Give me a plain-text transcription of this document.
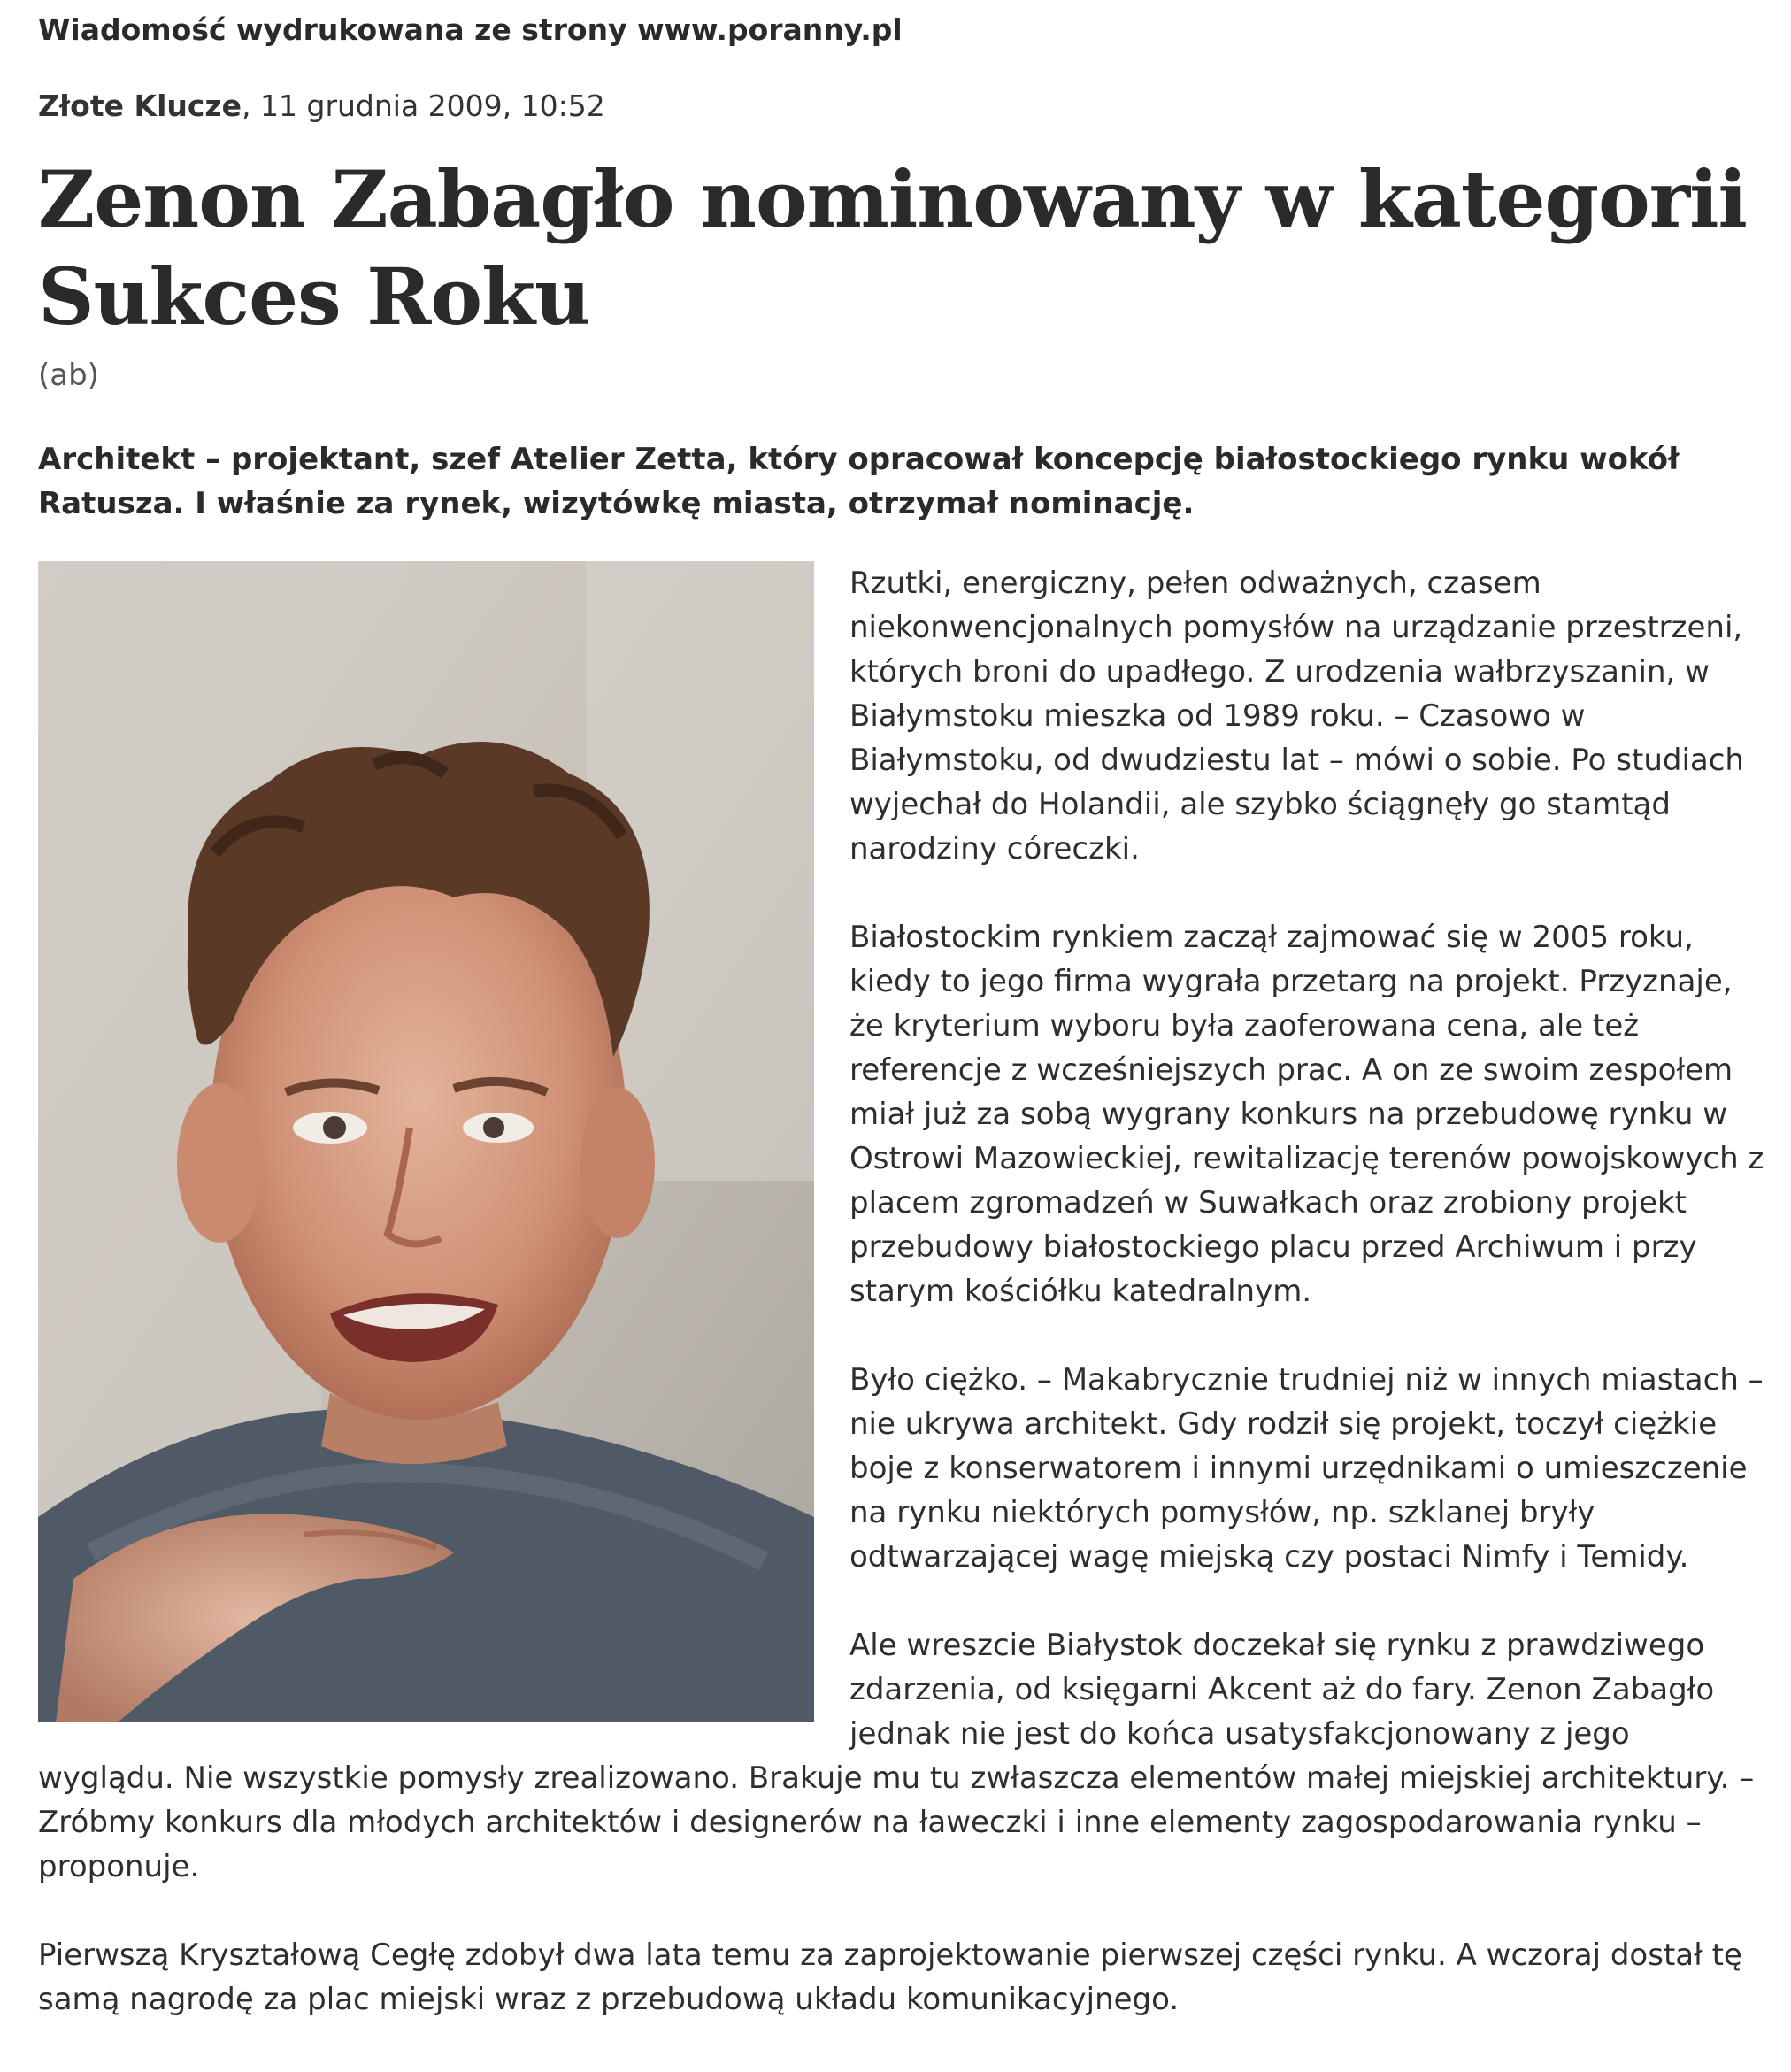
Wiadomość wydrukowana ze strony www.poranny.pl

Złote Klucze, 11 grudnia 2009, 10:52

Zenon Zabagło nominowany w kategorii Sukces Roku

(ab)

Architekt – projektant, szef Atelier Zetta, który opracował koncepcję białostockiego rynku wokół Ratusza. I właśnie za rynek, wizytówkę miasta, otrzymał nominację.

Rzutki, energiczny, pełen odważnych, czasem niekonwencjonalnych pomysłów na urządzanie przestrzeni, których broni do upadłego. Z urodzenia wałbrzyszanin, w Białymstoku mieszka od 1989 roku. – Czasowo w Białymstoku, od dwudziestu lat – mówi o sobie. Po studiach wyjechał do Holandii, ale szybko ściągnęły go stamtąd narodziny córeczki.

Białostockim rynkiem zaczął zajmować się w 2005 roku, kiedy to jego firma wygrała przetarg na projekt. Przyznaje, że kryterium wyboru była zaoferowana cena, ale też referencje z wcześniejszych prac. A on ze swoim zespołem miał już za sobą wygrany konkurs na przebudowę rynku w Ostrowi Mazowieckiej, rewitalizację terenów powojskowych z placem zgromadzeń w Suwałkach oraz zrobiony projekt przebudowy białostockiego placu przed Archiwum i przy starym kościółku katedralnym.

Było ciężko. – Makabrycznie trudniej niż w innych miastach – nie ukrywa architekt. Gdy rodził się projekt, toczył ciężkie boje z konserwatorem i innymi urzędnikami o umieszczenie na rynku niektórych pomysłów, np. szklanej bryły odtwarzającej wagę miejską czy postaci Nimfy i Temidy.

Ale wreszcie Białystok doczekał się rynku z prawdziwego zdarzenia, od księgarni Akcent aż do fary. Zenon Zabagło jednak nie jest do końca usatysfakcjonowany z jego wyglądu. Nie wszystkie pomysły zrealizowano. Brakuje mu tu zwłaszcza elementów małej miejskiej architektury. – Zróbmy konkurs dla młodych architektów i designerów na ławeczki i inne elementy zagospodarowania rynku – proponuje.

Pierwszą Kryształową Cegłę zdobył dwa lata temu za zaprojektowanie pierwszej części rynku. A wczoraj dostał tę samą nagrodę za plac miejski wraz z przebudową układu komunikacyjnego.
